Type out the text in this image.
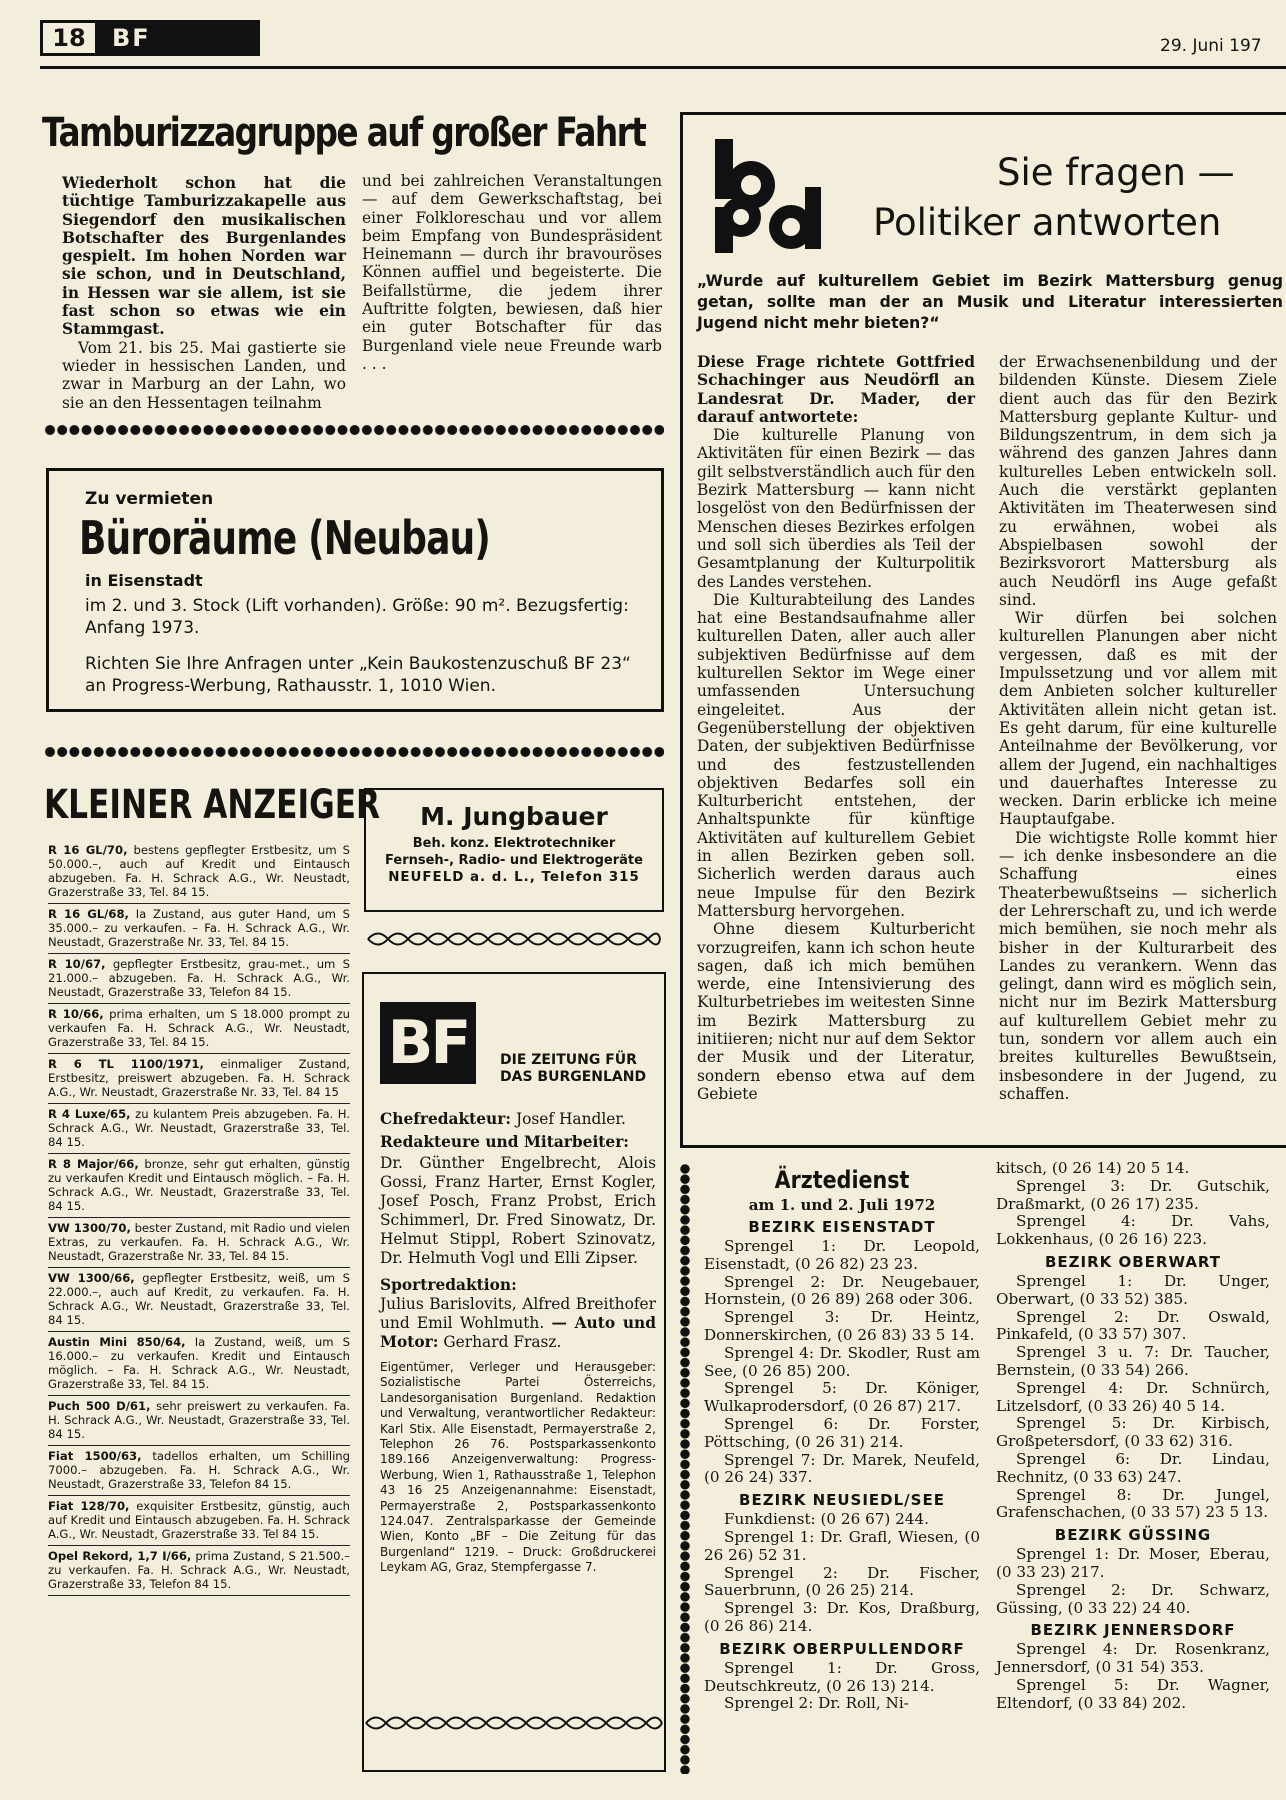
18	BF	29. Juni 197
Tamburizzagruppe auf großer Fahrt

Wiederholt schon hat die tüchtige Tamburizzakapelle aus Siegendorf den musikalischen Botschafter des Burgenlandes gespielt. Im hohen Norden war sie schon, und in Deutschland, in Hessen war sie allem, ist sie fast schon so etwas wie ein Stammgast.

Vom 21. bis 25. Mai gastierte sie wieder in hessischen Landen, und zwar in Marburg an der Lahn, wo sie an den Hessentagen teilnahm

und bei zahlreichen Veranstaltungen — auf dem Gewerkschaftstag, bei einer Folkloreschau und vor allem beim Empfang von Bundespräsident Heinemann — durch ihr bravouröses Können auffiel und begeisterte. Die Beifallstürme, die jedem ihrer Auftritte folgten, bewiesen, daß hier ein guter Botschafter für das Burgenland viele neue Freunde warb . . .

Zu vermieten
Büroräume (Neubau)
in Eisenstadt
im 2. und 3. Stock (Lift vorhanden). Größe: 90 m². Bezugsfertig: Anfang 1973.
Richten Sie Ihre Anfragen unter „Kein Baukostenzuschuß BF 23“ an Progress-Werbung, Rathausstr. 1, 1010 Wien.
KLEINER ANZEIGER
R 16 GL/70, bestens gepflegter Erstbesitz, um S 50.000.–, auch auf Kredit und Eintausch abzugeben. Fa. H. Schrack A.G., Wr. Neustadt, Grazerstraße 33, Tel. 84 15.
R 16 GL/68, Ia Zustand, aus guter Hand, um S 35.000.– zu verkaufen. – Fa. H. Schrack A.G., Wr. Neustadt, Grazerstraße Nr. 33, Tel. 84 15.
R 10/67, gepflegter Erstbesitz, grau-met., um S 21.000.– abzugeben. Fa. H. Schrack A.G., Wr. Neustadt, Grazerstraße 33, Telefon 84 15.
R 10/66, prima erhalten, um S 18.000 prompt zu verkaufen Fa. H. Schrack A.G., Wr. Neustadt, Grazerstraße 33, Tel. 84 15.
R 6 TL 1100/1971, einmaliger Zustand, Erstbesitz, preiswert abzugeben. Fa. H. Schrack A.G., Wr. Neustadt, Grazerstraße Nr. 33, Tel. 84 15
R 4 Luxe/65, zu kulantem Preis abzugeben. Fa. H. Schrack A.G., Wr. Neustadt, Grazerstraße 33, Tel. 84 15.
R 8 Major/66, bronze, sehr gut erhalten, günstig zu verkaufen Kredit und Eintausch möglich. – Fa. H. Schrack A.G., Wr. Neustadt, Grazerstraße 33, Tel. 84 15.
VW 1300/70, bester Zustand, mit Radio und vielen Extras, zu verkaufen. Fa. H. Schrack A.G., Wr. Neustadt, Grazerstraße Nr. 33, Tel. 84 15.
VW 1300/66, gepflegter Erstbesitz, weiß, um S 22.000.–, auch auf Kredit, zu verkaufen. Fa. H. Schrack A.G., Wr. Neustadt, Grazerstraße 33, Tel. 84 15.
Austin Mini 850/64, Ia Zustand, weiß, um S 16.000.– zu verkaufen. Kredit und Eintausch möglich. – Fa. H. Schrack A.G., Wr. Neustadt, Grazerstraße 33, Tel. 84 15.
Puch 500 D/61, sehr preiswert zu verkaufen. Fa. H. Schrack A.G., Wr. Neustadt, Grazerstraße 33, Tel. 84 15.
Fiat 1500/63, tadellos erhalten, um Schilling 7000.– abzugeben. Fa. H. Schrack A.G., Wr. Neustadt, Grazerstraße 33, Telefon 84 15.
Fiat 128/70, exquisiter Erstbesitz, günstig, auch auf Kredit und Eintausch abzugeben. Fa. H. Schrack A.G., Wr. Neustadt, Grazerstraße 33. Tel 84 15.
Opel Rekord, 1,7 I/66, prima Zustand, S 21.500.– zu verkaufen. Fa. H. Schrack A.G., Wr. Neustadt, Grazerstraße 33, Telefon 84 15.
M. Jungbauer
Beh. konz. Elektrotechniker
Fernseh-, Radio- und Elektrogeräte
NEUFELD a. d. L., Telefon 315
BF	DIE ZEITUNG FÜR
DAS BURGENLAND
Chefredakteur: Josef Handler.
Redakteure und Mitarbeiter:
Dr. Günther Engelbrecht, Alois Gossi, Franz Harter, Ernst Kogler, Josef Posch, Franz Probst, Erich Schimmerl, Dr. Fred Sinowatz, Dr. Helmut Stippl, Robert Szinovatz, Dr. Helmuth Vogl und Elli Zipser.
Sportredaktion:
Julius Barislovits, Alfred Breithofer und Emil Wohlmuth. — Auto und Motor: Gerhard Frasz.
Eigentümer, Verleger und Herausgeber: Sozialistische Partei Österreichs, Landesorganisation Burgenland. Redaktion und Verwaltung, verantwortlicher Redakteur: Karl Stix. Alle Eisenstadt, Permayerstraße 2, Telephon 26 76. Postsparkassenkonto 189.166 Anzeigenverwaltung: Progress-Werbung, Wien 1, Rathausstraße 1, Telephon 43 16 25 Anzeigenannahme: Eisenstadt, Permayerstraße 2, Postsparkassenkonto 124.047. Zentralsparkasse der Gemeinde Wien, Konto „BF – Die Zeitung für das Burgenland“ 1219. – Druck: Großdruckerei Leykam AG, Graz, Stempfergasse 7.
Sie fragen —
Politiker antworten
„Wurde auf kulturellem Gebiet im Bezirk Mattersburg genug getan, sollte man der an Musik und Literatur interessierten Jugend nicht mehr bieten?“

Diese Frage richtete Gottfried Schachinger aus Neudörfl an Landesrat Dr. Mader, der darauf antwortete:

Die kulturelle Planung von Aktivitäten für einen Bezirk — das gilt selbstverständlich auch für den Bezirk Mattersburg — kann nicht losgelöst von den Bedürfnissen der Menschen dieses Bezirkes erfolgen und soll sich überdies als Teil der Gesamtplanung der Kulturpolitik des Landes verstehen.

Die Kulturabteilung des Landes hat eine Bestandsaufnahme aller kulturellen Daten, aller auch aller subjektiven Bedürfnisse auf dem kulturellen Sektor im Wege einer umfassenden Untersuchung eingeleitet. Aus der Gegenüberstellung der objektiven Daten, der subjektiven Bedürfnisse und des festzustellenden objektiven Bedarfes soll ein Kulturbericht entstehen, der Anhaltspunkte für künftige Aktivitäten auf kulturellem Gebiet in allen Bezirken geben soll. Sicherlich werden daraus auch neue Impulse für den Bezirk Mattersburg hervorgehen.

Ohne diesem Kulturbericht vorzugreifen, kann ich schon heute sagen, daß ich mich bemühen werde, eine Intensivierung des Kulturbetriebes im weitesten Sinne im Bezirk Mattersburg zu initiieren; nicht nur auf dem Sektor der Musik und der Literatur, sondern ebenso etwa auf dem Gebiete

der Erwachsenenbildung und der bildenden Künste. Diesem Ziele dient auch das für den Bezirk Mattersburg geplante Kultur- und Bildungszentrum, in dem sich ja während des ganzen Jahres dann kulturelles Leben entwickeln soll. Auch die verstärkt geplanten Aktivitäten im Theaterwesen sind zu erwähnen, wobei als Abspielbasen sowohl der Bezirksvorort Mattersburg als auch Neudörfl ins Auge gefaßt sind.

Wir dürfen bei solchen kulturellen Planungen aber nicht vergessen, daß es mit der Impulssetzung und vor allem mit dem Anbieten solcher kultureller Aktivitäten allein nicht getan ist. Es geht darum, für eine kulturelle Anteilnahme der Bevölkerung, vor allem der Jugend, ein nachhaltiges und dauerhaftes Interesse zu wecken. Darin erblicke ich meine Hauptaufgabe.

Die wichtigste Rolle kommt hier — ich denke insbesondere an die Schaffung eines Theaterbewußtseins — sicherlich der Lehrerschaft zu, und ich werde mich bemühen, sie noch mehr als bisher in der Kulturarbeit des Landes zu verankern. Wenn das gelingt, dann wird es möglich sein, nicht nur im Bezirk Mattersburg auf kulturellem Gebiet mehr zu tun, sondern vor allem auch ein breites kulturelles Bewußtsein, insbesondere in der Jugend, zu schaffen.

Ärztedienst
am 1. und 2. Juli 1972
BEZIRK EISENSTADT

Sprengel 1: Dr. Leopold, Eisenstadt, (0 26 82) 23 23.

Sprengel 2: Dr. Neugebauer, Hornstein, (0 26 89) 268 oder 306.

Sprengel 3: Dr. Heintz, Donnerskirchen, (0 26 83) 33 5 14.

Sprengel 4: Dr. Skodler, Rust am See, (0 26 85) 200.

Sprengel 5: Dr. Königer, Wulkaprodersdorf, (0 26 87) 217.

Sprengel 6: Dr. Forster, Pöttsching, (0 26 31) 214.

Sprengel 7: Dr. Marek, Neufeld, (0 26 24) 337.

BEZIRK NEUSIEDL/SEE

Funkdienst: (0 26 67) 244.

Sprengel 1: Dr. Grafl, Wiesen, (0 26 26) 52 31.

Sprengel 2: Dr. Fischer, Sauerbrunn, (0 26 25) 214.

Sprengel 3: Dr. Kos, Draßburg, (0 26 86) 214.

BEZIRK OBERPULLENDORF

Sprengel 1: Dr. Gross, Deutschkreutz, (0 26 13) 214.

Sprengel 2: Dr. Roll, Ni-

kitsch, (0 26 14) 20 5 14.

Sprengel 3: Dr. Gutschik, Draßmarkt, (0 26 17) 235.

Sprengel 4: Dr. Vahs, Lokkenhaus, (0 26 16) 223.

BEZIRK OBERWART

Sprengel 1: Dr. Unger, Oberwart, (0 33 52) 385.

Sprengel 2: Dr. Oswald, Pinkafeld, (0 33 57) 307.

Sprengel 3 u. 7: Dr. Taucher, Bernstein, (0 33 54) 266.

Sprengel 4: Dr. Schnürch, Litzelsdorf, (0 33 26) 40 5 14.

Sprengel 5: Dr. Kirbisch, Großpetersdorf, (0 33 62) 316.

Sprengel 6: Dr. Lindau, Rechnitz, (0 33 63) 247.

Sprengel 8: Dr. Jungel, Grafenschachen, (0 33 57) 23 5 13.

BEZIRK GÜSSING

Sprengel 1: Dr. Moser, Eberau, (0 33 23) 217.

Sprengel 2: Dr. Schwarz, Güssing, (0 33 22) 24 40.

BEZIRK JENNERSDORF

Sprengel 4: Dr. Rosenkranz, Jennersdorf, (0 31 54) 353.

Sprengel 5: Dr. Wagner, Eltendorf, (0 33 84) 202.
